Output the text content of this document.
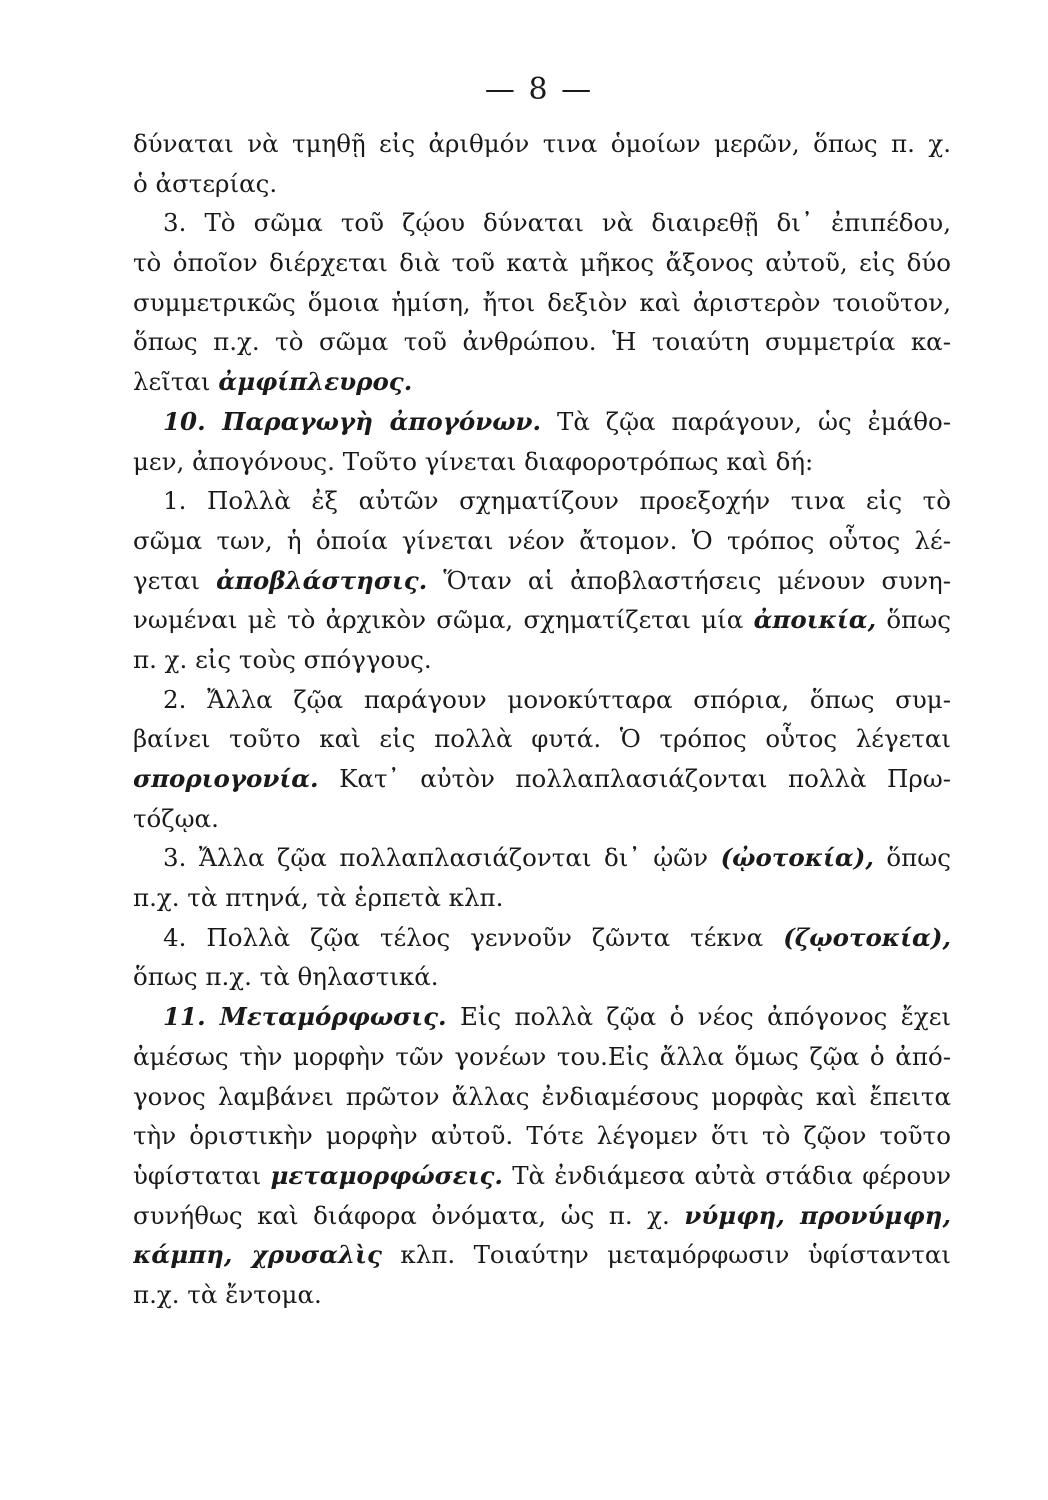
— 8 —
δύναται νὰ τμηθῇ εἰς ἀριθμόν τινα ὁμοίων μερῶν, ὅπως π. χ.
ὁ ἀστερίας.
3. Τὸ σῶμα τοῦ ζῴου δύναται νὰ διαιρεθῇ δι᾽ ἐπιπέδου,
τὸ ὁποῖον διέρχεται διὰ τοῦ κατὰ μῆκος ἄξονος αὐτοῦ, εἰς δύο
συμμετρικῶς ὅμοια ἡμίση, ἤτοι δεξιὸν καὶ ἀριστερὸν τοιοῦτον,
ὅπως π.χ. τὸ σῶμα τοῦ ἀνθρώπου. Ἡ τοιαύτη συμμετρία κα-
λεῖται ἀμφίπλευρος.
10. Παραγωγὴ ἀπογόνων. Τὰ ζῷα παράγουν, ὡς ἐμάθο-
μεν, ἀπογόνους. Τοῦτο γίνεται διαφοροτρόπως καὶ δή:
1. Πολλὰ ἐξ αὐτῶν σχηματίζουν προεξοχήν τινα εἰς τὸ
σῶμα των, ἡ ὁποία γίνεται νέον ἄτομον. Ὁ τρόπος οὗτος λέ-
γεται ἀποβλάστησις. Ὅταν αἱ ἀποβλαστήσεις μένουν συνη-
νωμέναι μὲ τὸ ἀρχικὸν σῶμα, σχηματίζεται μία ἀποικία, ὅπως
π. χ. εἰς τοὺς σπόγγους.
2. Ἄλλα ζῷα παράγουν μονοκύτταρα σπόρια, ὅπως συμ-
βαίνει τοῦτο καὶ εἰς πολλὰ φυτά. Ὁ τρόπος οὗτος λέγεται
σποριογονία. Κατ᾽ αὐτὸν πολλαπλασιάζονται πολλὰ Πρω-
τόζῳα.
3. Ἄλλα ζῷα πολλαπλασιάζονται δι᾽ ᾠῶν (ᾠοτοκία), ὅπως
π.χ. τὰ πτηνά, τὰ ἑρπετὰ κλπ.
4. Πολλὰ ζῷα τέλος γεννοῦν ζῶντα τέκνα (ζῳοτοκία),
ὅπως π.χ. τὰ θηλαστικά.
11. Μεταμόρφωσις. Εἰς πολλὰ ζῷα ὁ νέος ἀπόγονος ἔχει
ἀμέσως τὴν μορφὴν τῶν γονέων του.Εἰς ἄλλα ὅμως ζῷα ὁ ἀπό-
γονος λαμβάνει πρῶτον ἄλλας ἐνδιαμέσους μορφὰς καὶ ἔπειτα
τὴν ὁριστικὴν μορφὴν αὐτοῦ. Τότε λέγομεν ὅτι τὸ ζῷον τοῦτο
ὑφίσταται μεταμορφώσεις. Τὰ ἐνδιάμεσα αὐτὰ στάδια φέρουν
συνήθως καὶ διάφορα ὀνόματα, ὡς π. χ. νύμφη, προνύμφη,
κάμπη, χρυσαλὶς κλπ. Τοιαύτην μεταμόρφωσιν ὑφίστανται
π.χ. τὰ ἔντομα.
